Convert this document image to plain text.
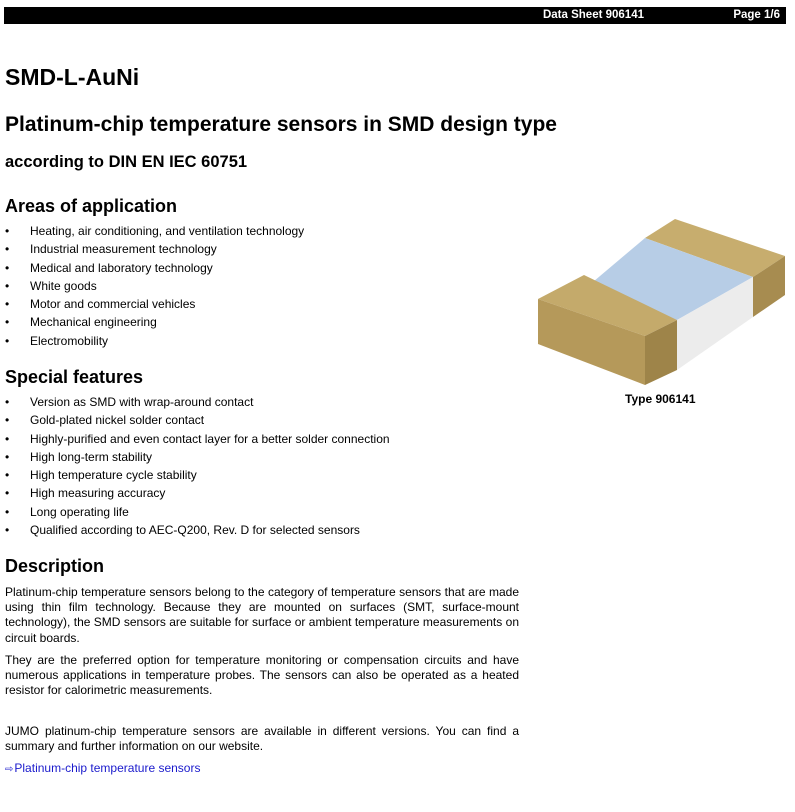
Data Sheet 906141	Page 1/6
SMD-L-AuNi
Platinum-chip temperature sensors in SMD design type
according to DIN EN IEC 60751
Areas of application
• Heating, air conditioning, and ventilation technology
• Industrial measurement technology
• Medical and laboratory technology
• White goods
• Motor and commercial vehicles
• Mechanical engineering
• Electromobility
Special features
• Version as SMD with wrap-around contact
• Gold-plated nickel solder contact
• Highly-purified and even contact layer for a better solder connection
• High long-term stability
• High temperature cycle stability
• High measuring accuracy
• Long operating life
• Qualified according to AEC-Q200, Rev. D for selected sensors
Description

Platinum-chip temperature sensors belong to the category of temperature sensors that are made using thin film technology. Because they are mounted on surfaces (SMT, surface-mount technology), the SMD sensors are suitable for surface or ambient temperature measurements on circuit boards.

They are the preferred option for temperature monitoring or compensation circuits and have numerous applications in temperature probes. The sensors can also be operated as a heated resistor for calorimetric measurements.

JUMO platinum-chip temperature sensors are available in different versions. You can find a summary and further information on our website.

⇨Platinum-chip temperature sensors
Type 906141
